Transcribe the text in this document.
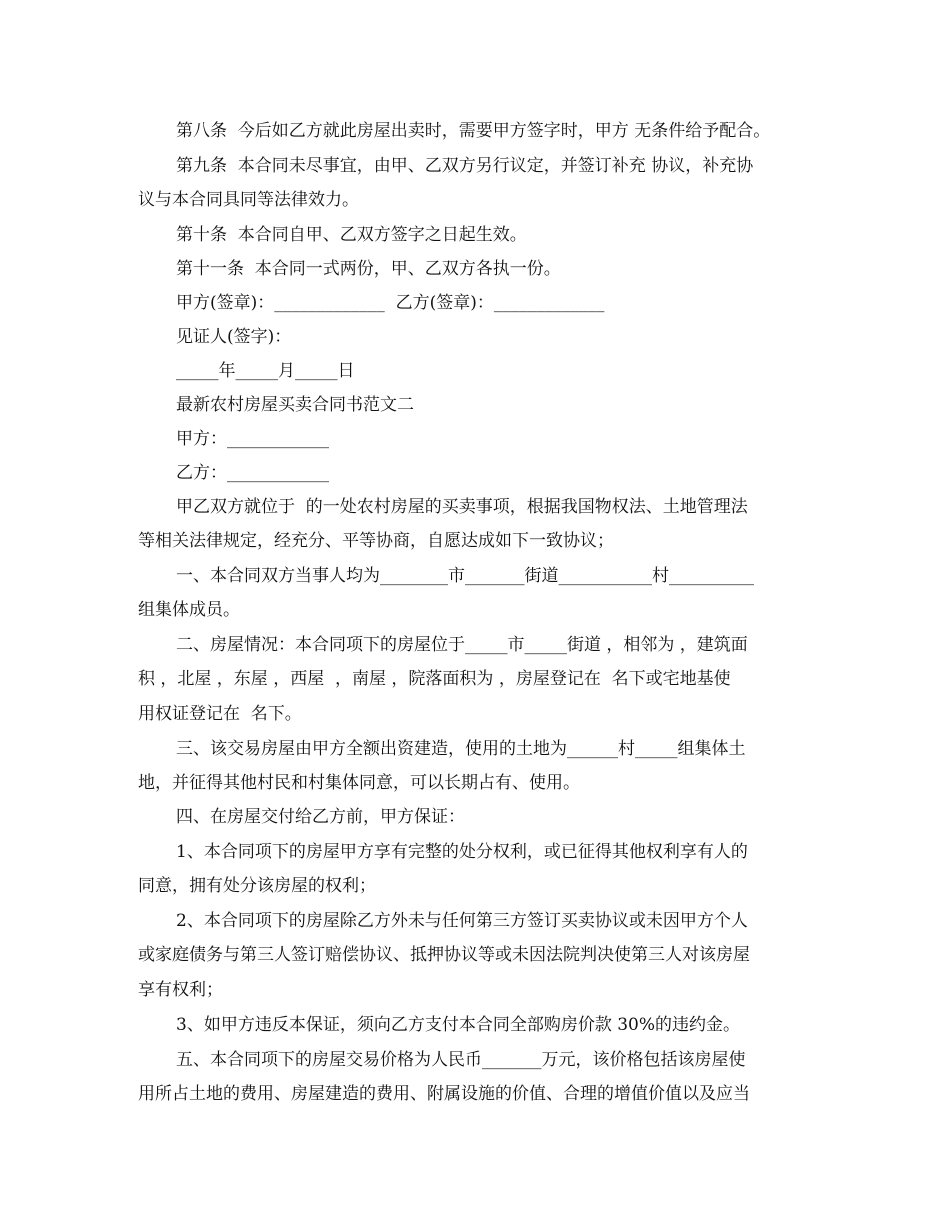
第八条  今后如乙方就此房屋出卖时，需要甲方签字时，甲方 无条件给予配合。

第九条  本合同未尽事宜，由甲、乙双方另行议定，并签订补充 协议，补充协

议与本合同具同等法律效力。

第十条  本合同自甲、乙双方签字之日起生效。

第十一条  本合同一式两份，甲、乙双方各执一份。

甲方(签章)：_____________  乙方(签章)：_____________

见证人(签字)：

_____年_____月_____日

最新农村房屋买卖合同书范文二

甲方：____________

乙方：____________

甲乙双方就位于  的一处农村房屋的买卖事项，根据我国物权法、土地管理法

等相关法律规定，经充分、平等协商，自愿达成如下一致协议；

一、本合同双方当事人均为________市_______街道___________村__________

组集体成员。

二、房屋情况：本合同项下的房屋位于_____市_____街道 ，相邻为 ，建筑面

积 ，北屋 ，东屋 ，西屋  ，南屋 ，院落面积为 ，房屋登记在  名下或宅地基使

用权证登记在  名下。

三、该交易房屋由甲方全额出资建造，使用的土地为______村_____组集体土

地，并征得其他村民和村集体同意，可以长期占有、使用。

四、在房屋交付给乙方前，甲方保证：

1、本合同项下的房屋甲方享有完整的处分权利，或已征得其他权利享有人的

同意，拥有处分该房屋的权利；

2、本合同项下的房屋除乙方外未与任何第三方签订买卖协议或未因甲方个人

或家庭债务与第三人签订赔偿协议、抵押协议等或未因法院判决使第三人对该房屋

享有权利；

3、如甲方违反本保证，须向乙方支付本合同全部购房价款 30%的违约金。

五、本合同项下的房屋交易价格为人民币_______万元，该价格包括该房屋使

用所占土地的费用、房屋建造的费用、附属设施的价值、合理的增值价值以及应当
